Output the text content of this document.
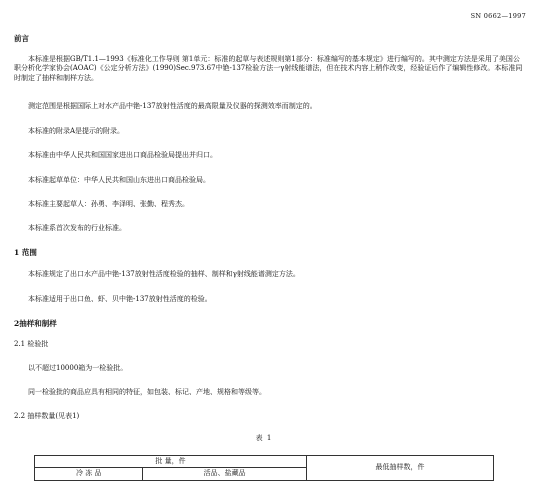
SN 0662—1997

前言

本标准是根据GB/T1.1—1993《标准化工作导则 第1单元：标准的起草与表述规则第1部分：标准编写的基本规定》进行编写的。其中测定方法是采用了美国公职分析化学家协会(AOAC)《公定分析方法》(1990)Sec.973.67中铯-137检验方法一γ射线能谱法，但在技术内容上稍作改变，经验证后作了编辑性修改。本标准同时制定了抽样和制样方法。

测定范围是根据国际上对水产品中铯-137放射性活度的最高限量及仪器的探测效率而制定的。

本标准的附录A是提示的附录。

本标准由中华人民共和国国家进出口商品检验局提出并归口。

本标准起草单位：中华人民共和国山东进出口商品检验局。

本标准主要起草人：孙勇、李泽明、张勤、程秀杰。

本标准系首次发布的行业标准。

1 范围

本标准规定了出口水产品中铯-137放射性活度检验的抽样、制样和γ射线能谱测定方法。

本标准适用于出口鱼、虾、贝中铯-137放射性活度的检验。

2抽样和制样

2.1 检验批

以不超过10000箱为一检验批。

同一检验批的商品应具有相同的特征，如包装、标记、产地、规格和等级等。

2.2 抽样数量(见表1)

表 1
批 量，件		最低抽样数，件
冷 冻 品	活品、盐藏品	
